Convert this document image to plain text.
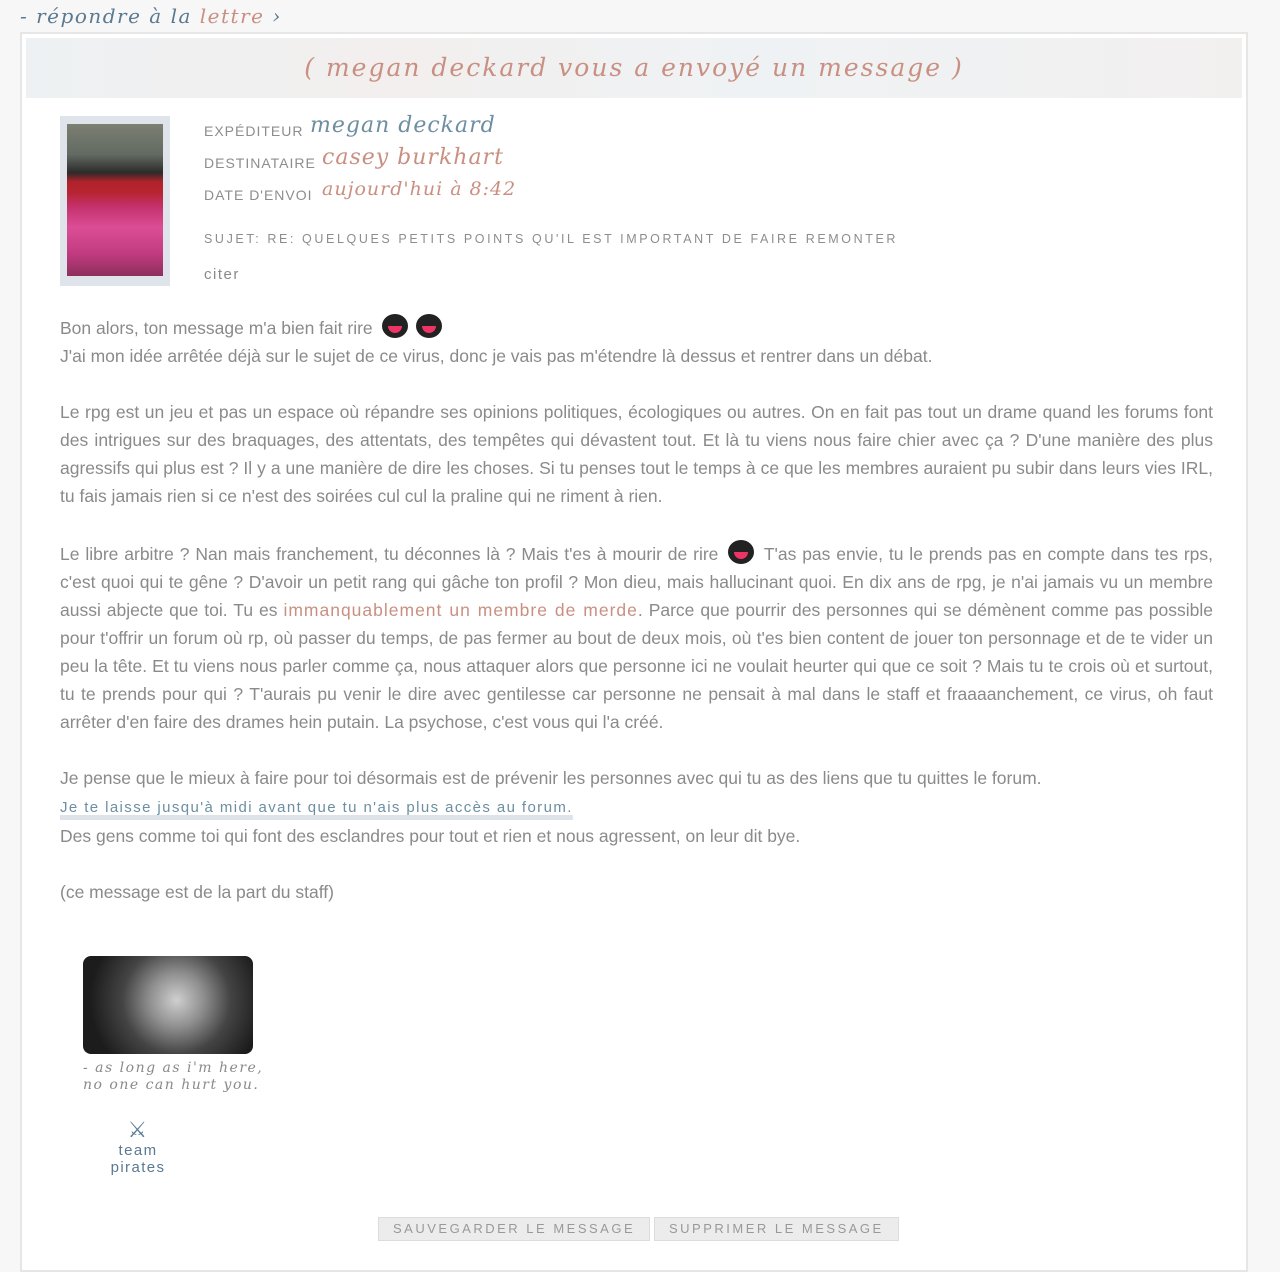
- répondre à la lettre ›
( megan deckard vous a envoyé un message )
EXPÉDITEUR megan deckard
DESTINATAIRE casey burkhart
DATE D'ENVOI aujourd'hui à 8:42
SUJET: RE: QUELQUES PETITS POINTS QU'IL EST IMPORTANT DE FAIRE REMONTER
citer

Bon alors, ton message m'a bien fait rire
J'ai mon idée arrêtée déjà sur le sujet de ce virus, donc je vais pas m'étendre là dessus et rentrer dans un débat.

Le rpg est un jeu et pas un espace où répandre ses opinions politiques, écologiques ou autres. On en fait pas tout un drame quand les forums font des intrigues sur des braquages, des attentats, des tempêtes qui dévastent tout. Et là tu viens nous faire chier avec ça ? D'une manière des plus agressifs qui plus est ? Il y a une manière de dire les choses. Si tu penses tout le temps à ce que les membres auraient pu subir dans leurs vies IRL, tu fais jamais rien si ce n'est des soirées cul cul la praline qui ne riment à rien.

Le libre arbitre ? Nan mais franchement, tu déconnes là ? Mais t'es à mourir de rire	T'as pas envie, tu le prends pas en compte dans tes rps, c'est quoi qui te gêne ? D'avoir un petit rang qui gâche ton profil ? Mon dieu, mais hallucinant quoi. En dix ans de rpg, je n'ai jamais vu un membre aussi abjecte que toi. Tu es immanquablement un membre de merde. Parce que pourrir des personnes qui se démènent comme pas possible pour t'offrir un forum où rp, où passer du temps, de pas fermer au bout de deux mois, où t'es bien content de jouer ton personnage et de te vider un peu la tête. Et tu viens nous parler comme ça, nous attaquer alors que personne ici ne voulait heurter qui que ce soit ? Mais tu te crois où et surtout, tu te prends pour qui ? T'aurais pu venir le dire avec gentilesse car personne ne pensait à mal dans le staff et fraaaanchement, ce virus, oh faut arrêter d'en faire des drames hein putain. La psychose, c'est vous qui l'a créé.

Je pense que le mieux à faire pour toi désormais est de prévenir les personnes avec qui tu as des liens que tu quittes le forum.
Je te laisse jusqu'à midi avant que tu n'ais plus accès au forum.
Des gens comme toi qui font des esclandres pour tout et rien et nous agressent, on leur dit bye.

(ce message est de la part du staff)

- as long as i'm here,
no one can hurt you.
⚔
team
pirates
SAUVEGARDER LE MESSAGE	SUPPRIMER LE MESSAGE
